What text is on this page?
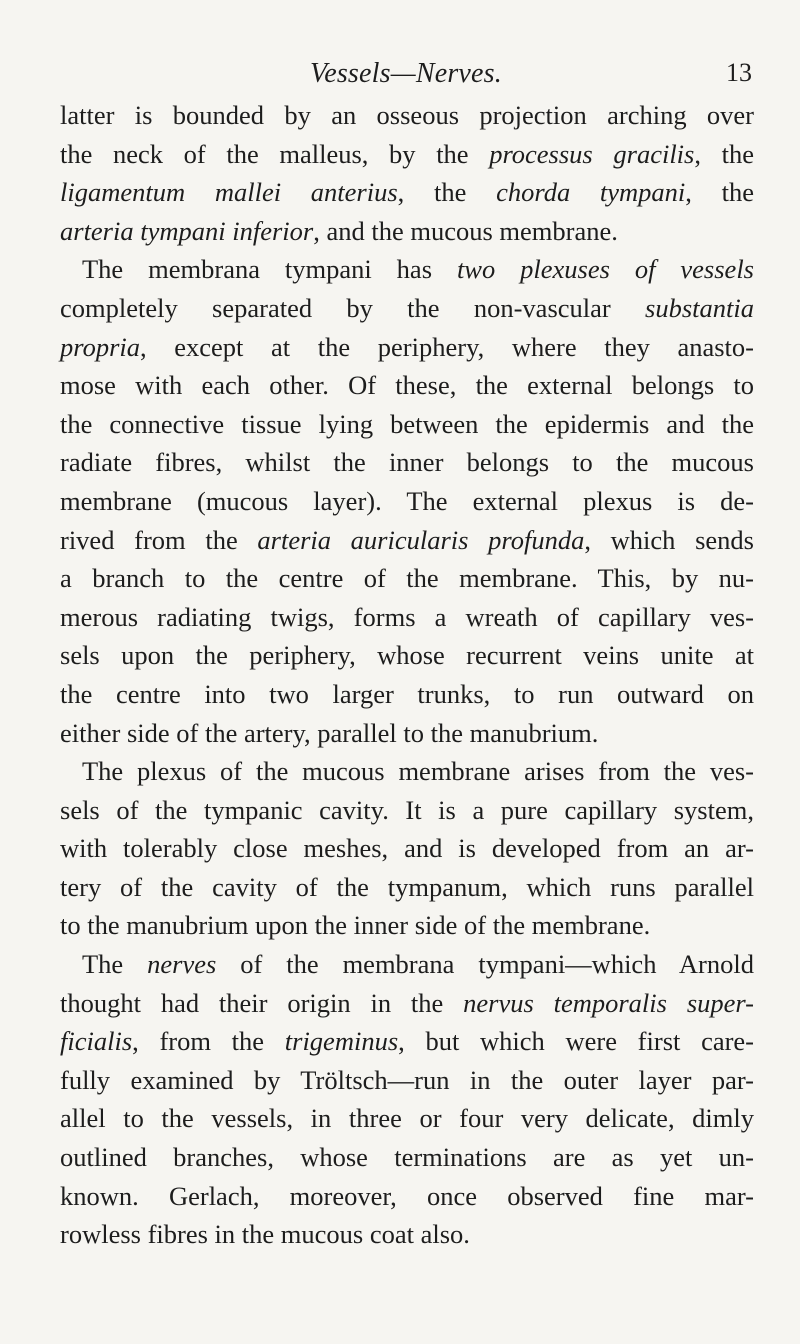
Vessels—Nerves.	13
latter is bounded by an osseous projection arching over
the neck of the malleus, by the processus gracilis, the
ligamentum mallei anterius, the chorda tympani, the
arteria tympani inferior, and the mucous membrane.
The membrana tympani has two plexuses of vessels
completely separated by the non-vascular substantia
propria, except at the periphery, where they anasto-
mose with each other. Of these, the external belongs to
the connective tissue lying between the epidermis and the
radiate fibres, whilst the inner belongs to the mucous
membrane (mucous layer). The external plexus is de-
rived from the arteria auricularis profunda, which sends
a branch to the centre of the membrane. This, by nu-
merous radiating twigs, forms a wreath of capillary ves-
sels upon the periphery, whose recurrent veins unite at
the centre into two larger trunks, to run outward on
either side of the artery, parallel to the manubrium.
The plexus of the mucous membrane arises from the ves-
sels of the tympanic cavity. It is a pure capillary system,
with tolerably close meshes, and is developed from an ar-
tery of the cavity of the tympanum, which runs parallel
to the manubrium upon the inner side of the membrane.
The nerves of the membrana tympani—which Arnold
thought had their origin in the nervus temporalis super-
ficialis, from the trigeminus, but which were first care-
fully examined by Tröltsch—run in the outer layer par-
allel to the vessels, in three or four very delicate, dimly
outlined branches, whose terminations are as yet un-
known. Gerlach, moreover, once observed fine mar-
rowless fibres in the mucous coat also.
